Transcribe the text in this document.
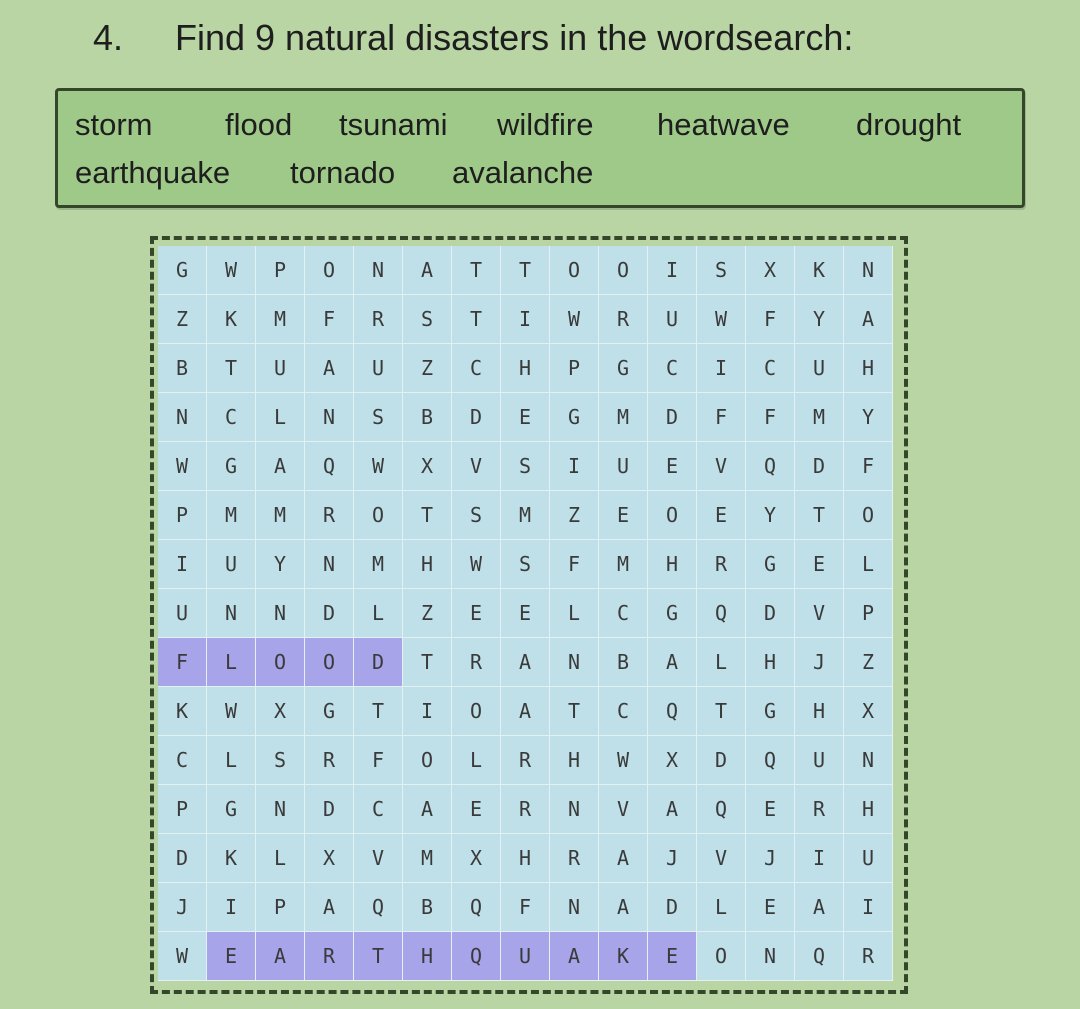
4. Find 9 natural disasters in the wordsearch:
storm flood tsunami wildfire heatwave drought
earthquake tornado avalanche
G	W	P	O	N	A	T	T	O	O	I	S	X	K	N
Z	K	M	F	R	S	T	I	W	R	U	W	F	Y	A
B	T	U	A	U	Z	C	H	P	G	C	I	C	U	H
N	C	L	N	S	B	D	E	G	M	D	F	F	M	Y
W	G	A	Q	W	X	V	S	I	U	E	V	Q	D	F
P	M	M	R	O	T	S	M	Z	E	O	E	Y	T	O
I	U	Y	N	M	H	W	S	F	M	H	R	G	E	L
U	N	N	D	L	Z	E	E	L	C	G	Q	D	V	P
F	L	O	O	D	T	R	A	N	B	A	L	H	J	Z
K	W	X	G	T	I	O	A	T	C	Q	T	G	H	X
C	L	S	R	F	O	L	R	H	W	X	D	Q	U	N
P	G	N	D	C	A	E	R	N	V	A	Q	E	R	H
D	K	L	X	V	M	X	H	R	A	J	V	J	I	U
J	I	P	A	Q	B	Q	F	N	A	D	L	E	A	I
W	E	A	R	T	H	Q	U	A	K	E	O	N	Q	R
